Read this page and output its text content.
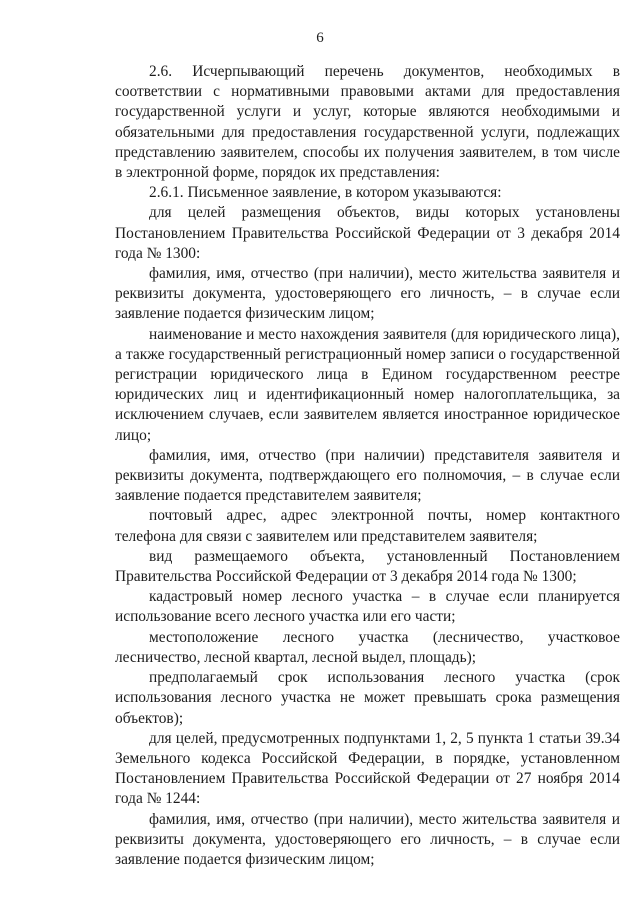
6

2.6. Исчерпывающий перечень документов, необходимых в соответствии с нормативными правовыми актами для предоставления государственной услуги и услуг, которые являются необходимыми и обязательными для предоставления государственной услуги, подлежащих представлению заявителем, способы их получения заявителем, в том числе в электронной форме, порядок их представления:

2.6.1. Письменное заявление, в котором указываются:

для целей размещения объектов, виды которых установлены Постановлением Правительства Российской Федерации от 3 декабря 2014 года № 1300:

фамилия, имя, отчество (при наличии), место жительства заявителя и реквизиты документа, удостоверяющего его личность, – в случае если заявление подается физическим лицом;

наименование и место нахождения заявителя (для юридического лица), а также государственный регистрационный номер записи о государственной регистрации юридического лица в Едином государственном реестре юридических лиц и идентификационный номер налогоплательщика, за исключением случаев, если заявителем является иностранное юридическое лицо;

фамилия, имя, отчество (при наличии) представителя заявителя и реквизиты документа, подтверждающего его полномочия, – в случае если заявление подается представителем заявителя;

почтовый адрес, адрес электронной почты, номер контактного телефона для связи с заявителем или представителем заявителя;

вид размещаемого объекта, установленный Постановлением Правительства Российской Федерации от 3 декабря 2014 года № 1300;

кадастровый номер лесного участка – в случае если планируется использование всего лесного участка или его части;

местоположение лесного участка (лесничество, участковое лесничество, лесной квартал, лесной выдел, площадь);

предполагаемый срок использования лесного участка (срок использования лесного участка не может превышать срока размещения объектов);

для целей, предусмотренных подпунктами 1, 2, 5 пункта 1 статьи 39.34 Земельного кодекса Российской Федерации, в порядке, установленном Постановлением Правительства Российской Федерации от 27 ноября 2014 года № 1244:

фамилия, имя, отчество (при наличии), место жительства заявителя и реквизиты документа, удостоверяющего его личность, – в случае если заявление подается физическим лицом;
